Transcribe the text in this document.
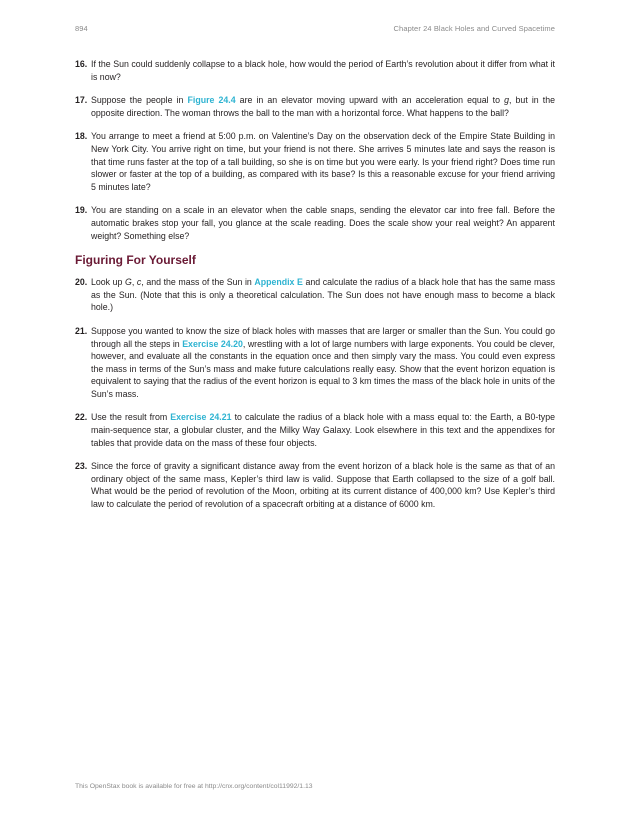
894	Chapter 24 Black Holes and Curved Spacetime
16. If the Sun could suddenly collapse to a black hole, how would the period of Earth’s revolution about it differ from what it is now?
17. Suppose the people in Figure 24.4 are in an elevator moving upward with an acceleration equal to g, but in the opposite direction. The woman throws the ball to the man with a horizontal force. What happens to the ball?
18. You arrange to meet a friend at 5:00 p.m. on Valentine’s Day on the observation deck of the Empire State Building in New York City. You arrive right on time, but your friend is not there. She arrives 5 minutes late and says the reason is that time runs faster at the top of a tall building, so she is on time but you were early. Is your friend right? Does time run slower or faster at the top of a building, as compared with its base? Is this a reasonable excuse for your friend arriving 5 minutes late?
19. You are standing on a scale in an elevator when the cable snaps, sending the elevator car into free fall. Before the automatic brakes stop your fall, you glance at the scale reading. Does the scale show your real weight? An apparent weight? Something else?
Figuring For Yourself
20. Look up G, c, and the mass of the Sun in Appendix E and calculate the radius of a black hole that has the same mass as the Sun. (Note that this is only a theoretical calculation. The Sun does not have enough mass to become a black hole.)
21. Suppose you wanted to know the size of black holes with masses that are larger or smaller than the Sun. You could go through all the steps in Exercise 24.20, wrestling with a lot of large numbers with large exponents. You could be clever, however, and evaluate all the constants in the equation once and then simply vary the mass. You could even express the mass in terms of the Sun’s mass and make future calculations really easy. Show that the event horizon equation is equivalent to saying that the radius of the event horizon is equal to 3 km times the mass of the black hole in units of the Sun’s mass.
22. Use the result from Exercise 24.21 to calculate the radius of a black hole with a mass equal to: the Earth, a B0-type main-sequence star, a globular cluster, and the Milky Way Galaxy. Look elsewhere in this text and the appendixes for tables that provide data on the mass of these four objects.
23. Since the force of gravity a significant distance away from the event horizon of a black hole is the same as that of an ordinary object of the same mass, Kepler’s third law is valid. Suppose that Earth collapsed to the size of a golf ball. What would be the period of revolution of the Moon, orbiting at its current distance of 400,000 km? Use Kepler’s third law to calculate the period of revolution of a spacecraft orbiting at a distance of 6000 km.
This OpenStax book is available for free at http://cnx.org/content/col11992/1.13
